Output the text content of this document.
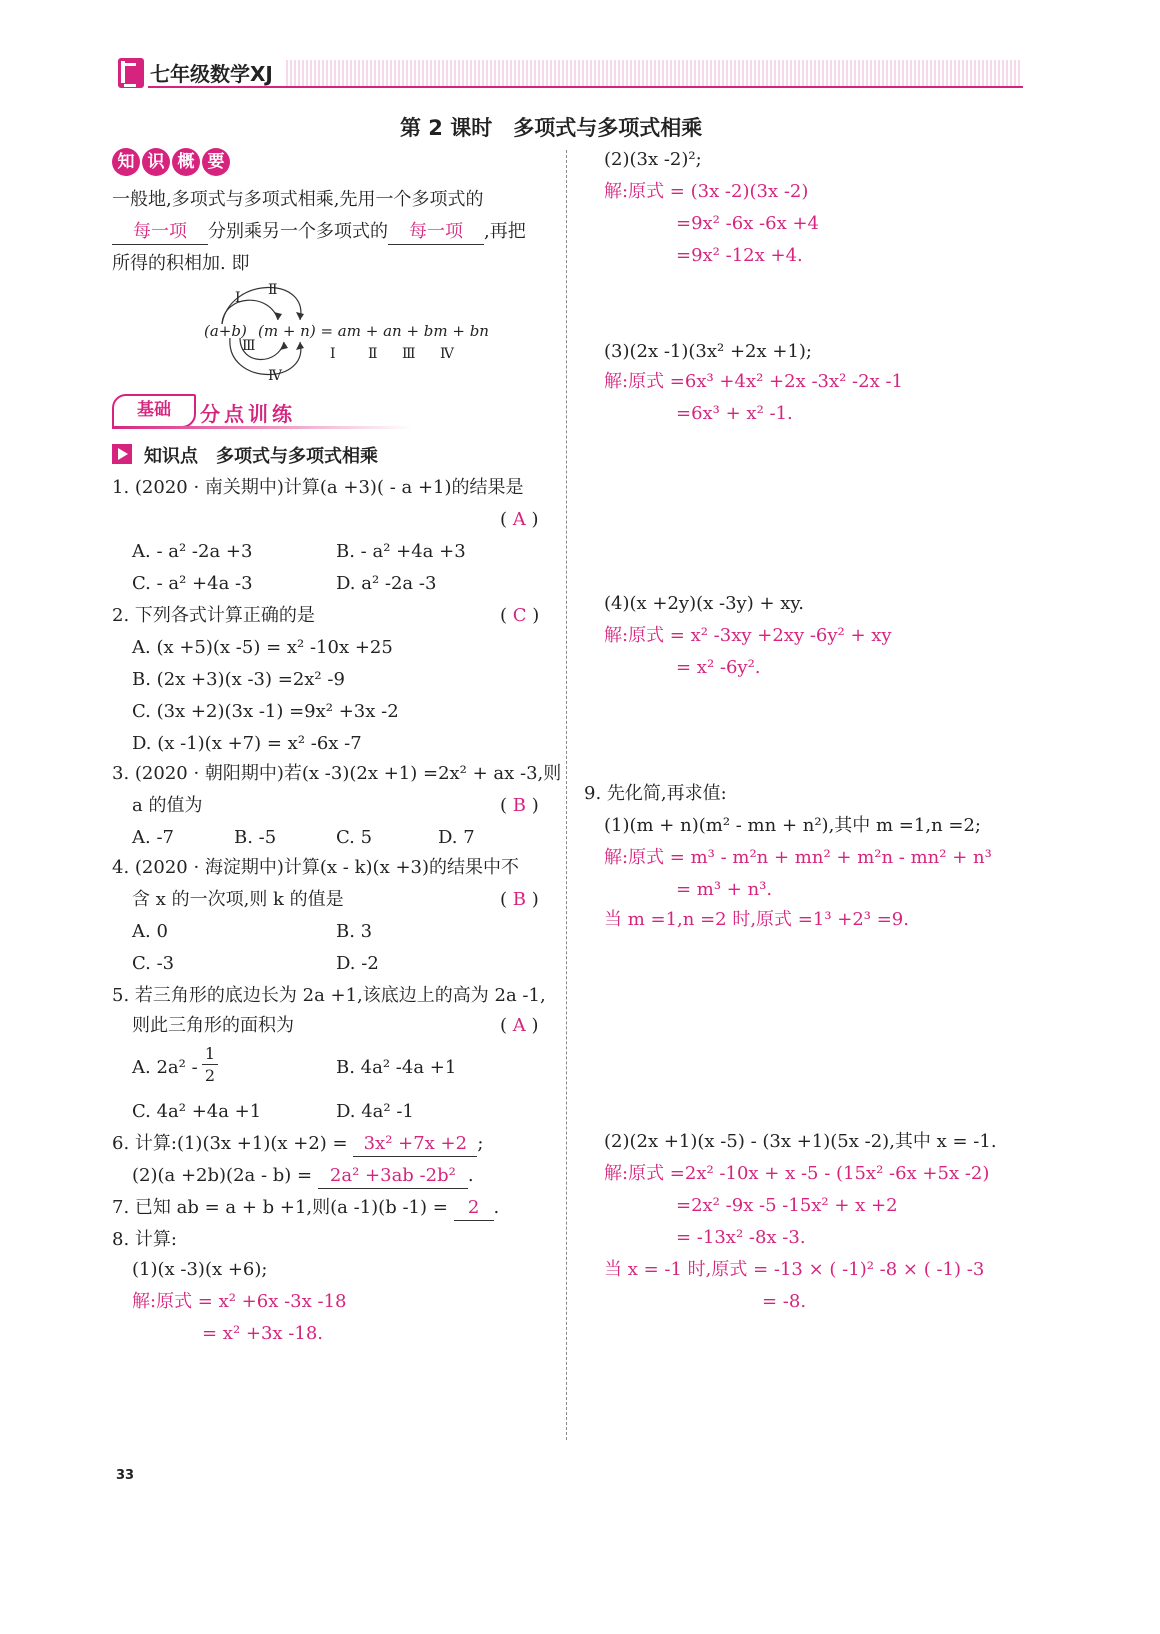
七年级数学XJ
第 2 课时　多项式与多项式相乘
知 识 概 要
一般地,多项式与多项式相乘,先用一个多项式的
每一项 分别乘另一个多项式的 每一项 ,再把
所得的积相加. 即
Ⅰ Ⅱ
Ⅲ
Ⅳ
(a+b) (m + n) = am + an + bm + bn
Ⅰ Ⅱ Ⅲ Ⅳ
基础	分点训练
知识点　多项式与多项式相乘
1. (2020 · 南关期中)计算(a +3)( - a +1)的结果是
( A )
A. - a² -2a +3	B. - a² +4a +3
C. - a² +4a -3	D. a² -2a -3
2. 下列各式计算正确的是	( C )
A. (x +5)(x -5) = x² -10x +25
B. (2x +3)(x -3) =2x² -9
C. (3x +2)(3x -1) =9x² +3x -2
D. (x -1)(x +7) = x² -6x -7
3. (2020 · 朝阳期中)若(x -3)(2x +1) =2x² + ax -3,则
a 的值为	( B )
A. -7	B. -5	C. 5	D. 7
4. (2020 · 海淀期中)计算(x - k)(x +3)的结果中不
含 x 的一次项,则 k 的值是	( B )
A. 0	B. 3
C. -3	D. -2
5. 若三角形的底边长为 2a +1,该底边上的高为 2a -1,
则此三角形的面积为	( A )
A. 2a² -
1
2	B. 4a² -4a +1
C. 4a² +4a +1	D. 4a² -1
6. 计算:(1)(3x +1)(x +2) = 3x² +7x +2 ;
(2)(a +2b)(2a - b) = 2a² +3ab -2b² .
7. 已知 ab = a + b +1,则(a -1)(b -1) = 2 .
8. 计算:
(1)(x -3)(x +6);
解:原式 = x² +6x -3x -18
= x² +3x -18.
(2)(3x -2)²;
解:原式 = (3x -2)(3x -2)
=9x² -6x -6x +4
=9x² -12x +4.
(3)(2x -1)(3x² +2x +1);
解:原式 =6x³ +4x² +2x -3x² -2x -1
=6x³ + x² -1.
(4)(x +2y)(x -3y) + xy.
解:原式 = x² -3xy +2xy -6y² + xy
= x² -6y².
9. 先化简,再求值:
(1)(m + n)(m² - mn + n²),其中 m =1,n =2;
解:原式 = m³ - m²n + mn² + m²n - mn² + n³
= m³ + n³.
当 m =1,n =2 时,原式 =1³ +2³ =9.
(2)(2x +1)(x -5) - (3x +1)(5x -2),其中 x = -1.
解:原式 =2x² -10x + x -5 - (15x² -6x +5x -2)
=2x² -9x -5 -15x² + x +2
= -13x² -8x -3.
当 x = -1 时,原式 = -13 × ( -1)² -8 × ( -1) -3
= -8.
33
